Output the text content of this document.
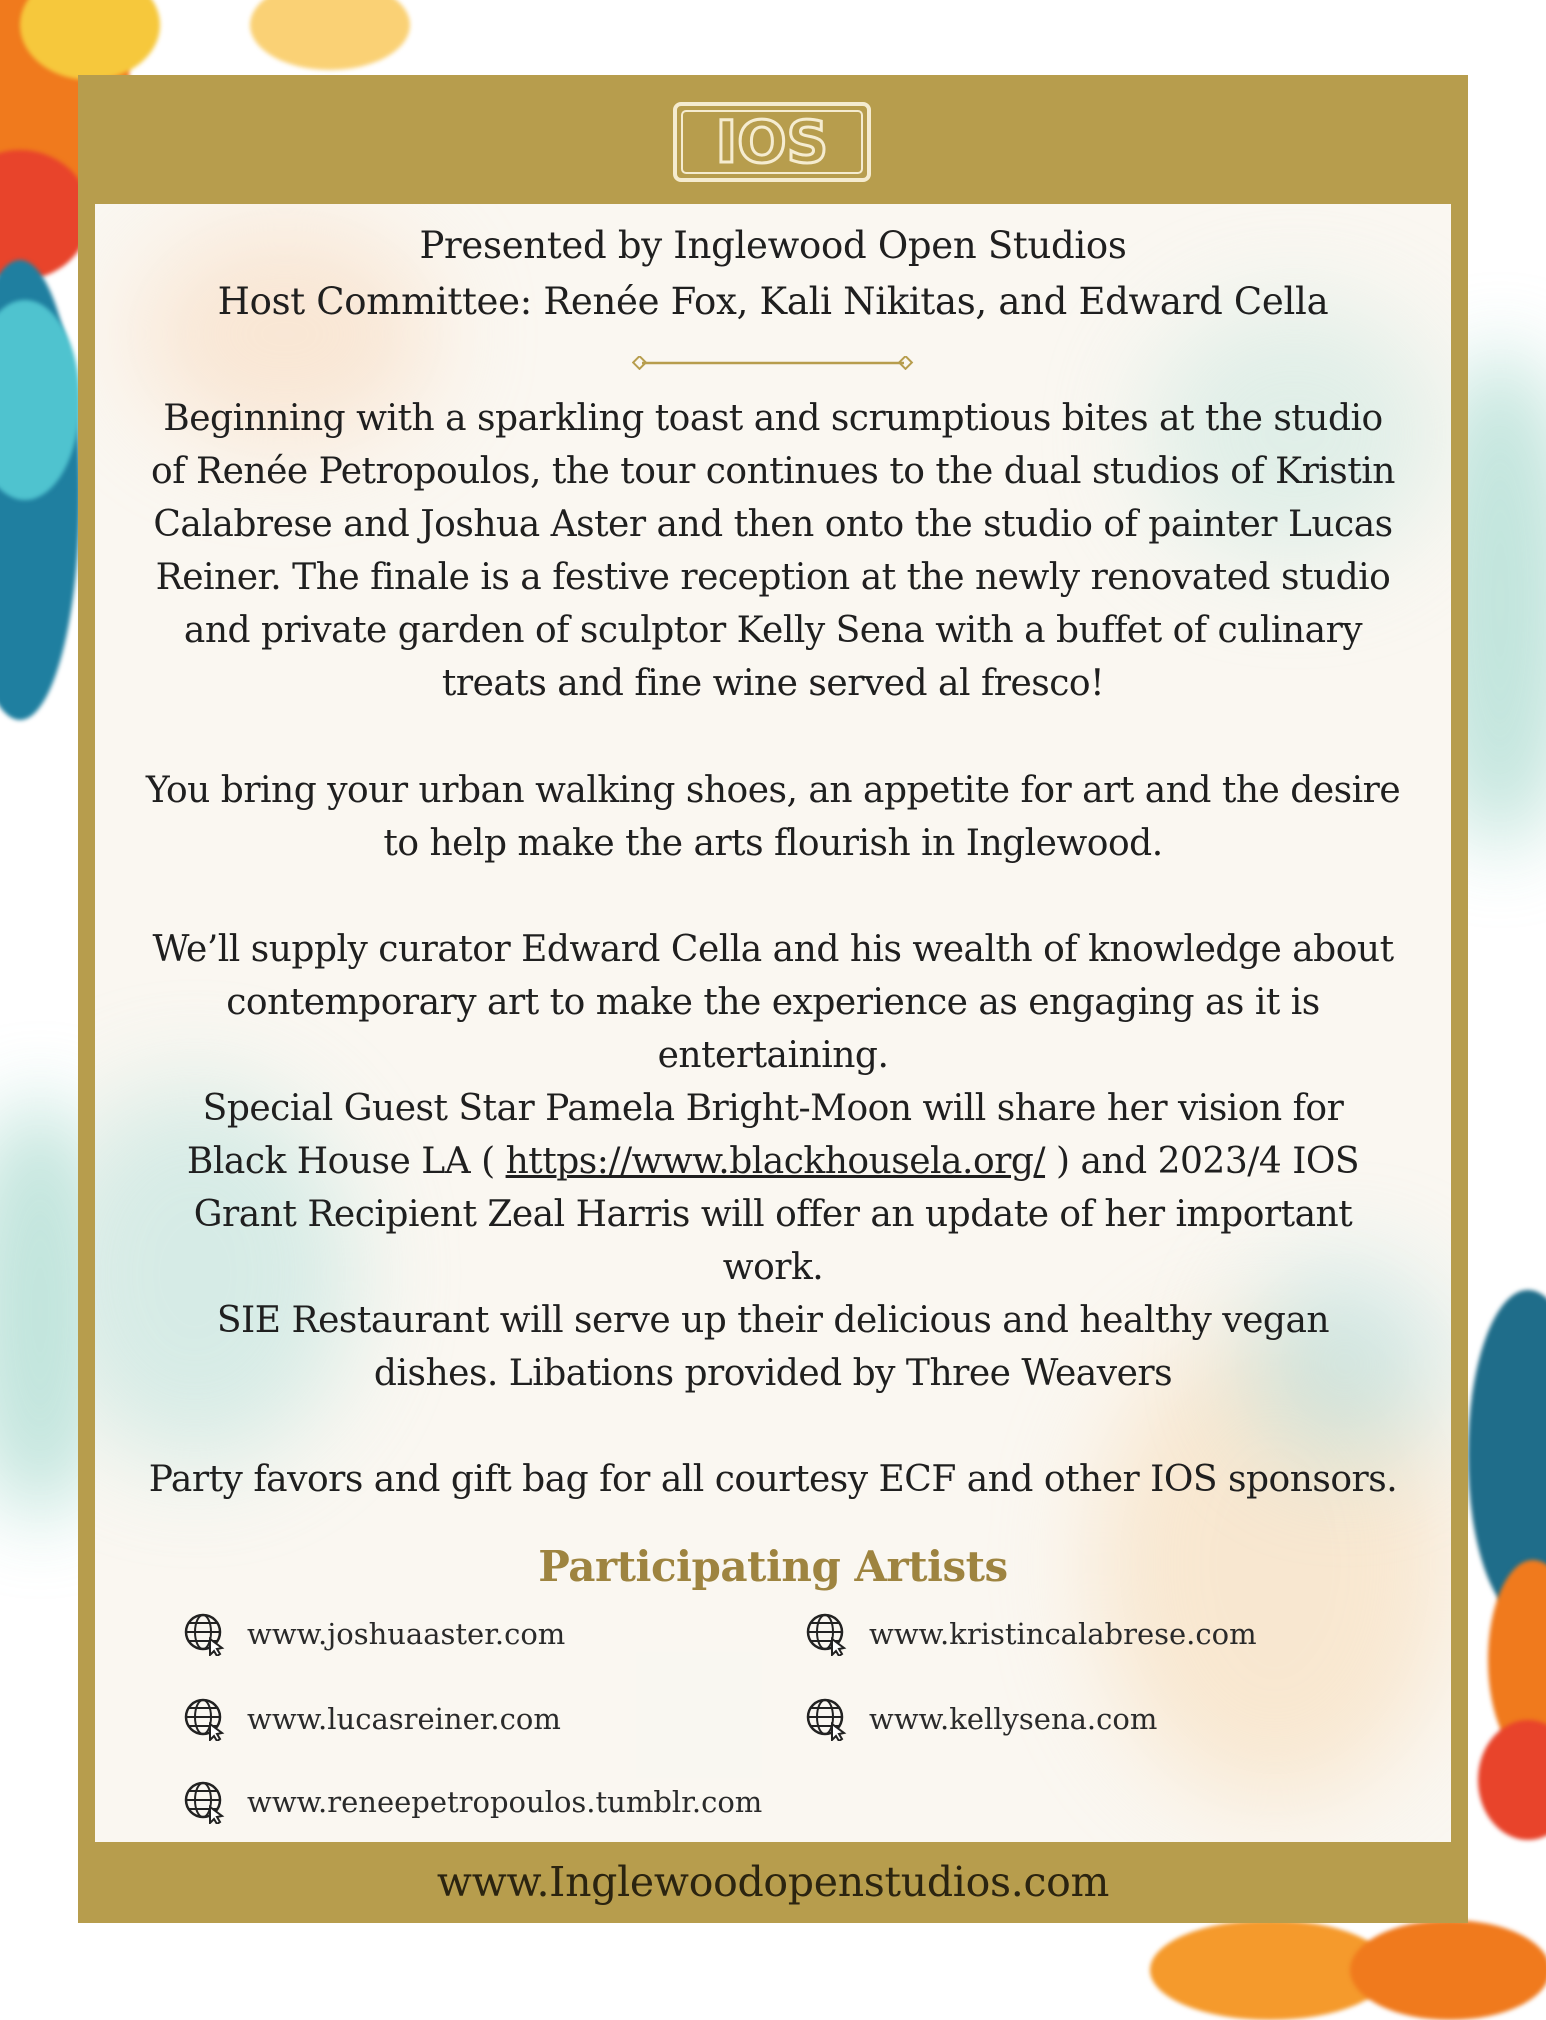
IOS
Presented by Inglewood Open Studios
Host Committee: Renée Fox, Kali Nikitas, and Edward Cella
Beginning with a sparkling toast and scrumptious bites at the studio of Renée Petropoulos, the tour continues to the dual studios of Kristin Calabrese and Joshua Aster and then onto the studio of painter Lucas Reiner. The finale is a festive reception at the newly renovated studio and private garden of sculptor Kelly Sena with a buffet of culinary treats and fine wine served al fresco!
You bring your urban walking shoes, an appetite for art and the desire to help make the arts flourish in Inglewood.
We’ll supply curator Edward Cella and his wealth of knowledge about contemporary art to make the experience as engaging as it is entertaining.
Special Guest Star Pamela Bright-Moon will share her vision for Black House LA ( https://www.blackhousela.org/ ) and 2023/4 IOS Grant Recipient Zeal Harris will offer an update of her important work.
SIE Restaurant will serve up their delicious and healthy vegan dishes. Libations provided by Three Weavers
Party favors and gift bag for all courtesy ECF and other IOS sponsors.
Participating Artists
www.joshuaaster.com	www.kristincalabrese.com
www.lucasreiner.com	www.kellysena.com
www.reneepetropoulos.tumblr.com
www.Inglewoodopenstudios.com
